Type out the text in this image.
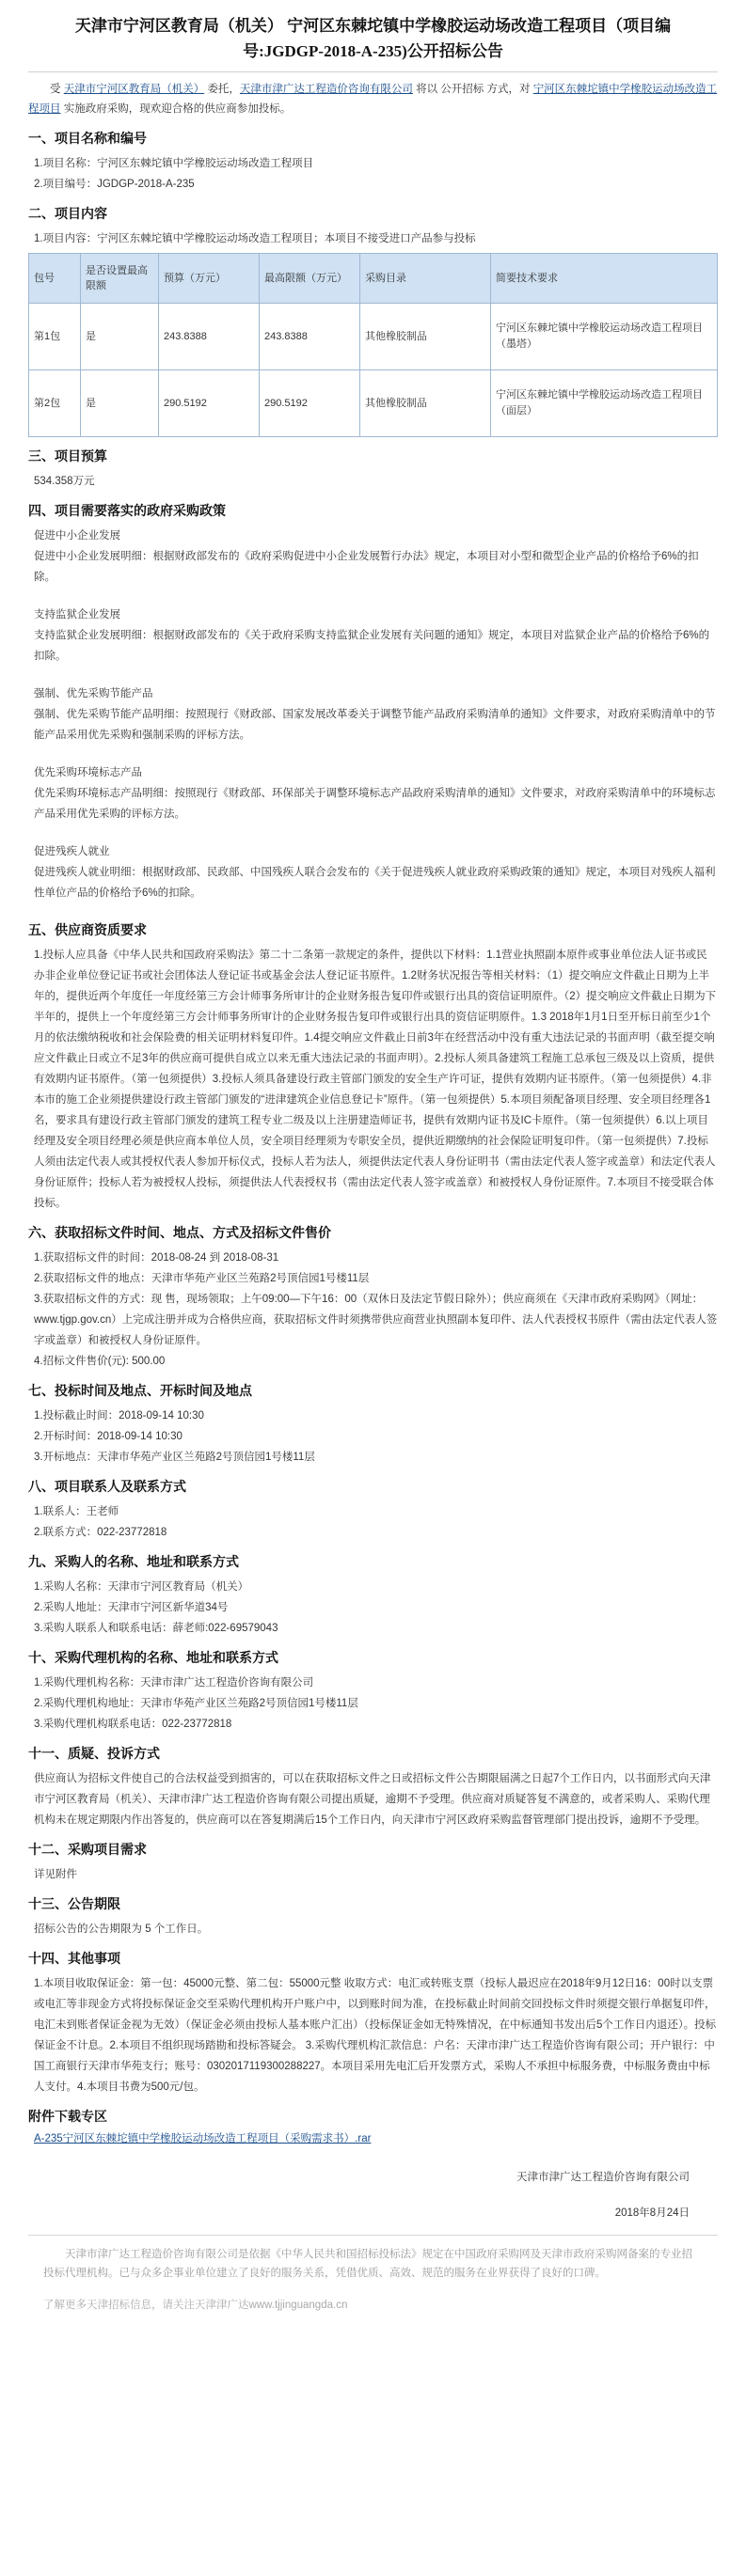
天津市宁河区教育局（机关） 宁河区东棘坨镇中学橡胶运动场改造工程项目（项目编号:JGDGP-2018-A-235)公开招标公告

受 天津市宁河区教育局（机关） 委托，天津市津广达工程造价咨询有限公司 将以 公开招标 方式，对 宁河区东棘坨镇中学橡胶运动场改造工程项目 实施政府采购，现欢迎合格的供应商参加投标。

一、项目名称和编号

1.项目名称：宁河区东棘坨镇中学橡胶运动场改造工程项目

2.项目编号：JGDGP-2018-A-235

二、项目内容

1.项目内容：宁河区东棘坨镇中学橡胶运动场改造工程项目；本项目不接受进口产品参与投标

包号	是否设置最高限额	预算（万元）	最高限额（万元）	采购目录	简要技术要求
第1包	是	243.8388	243.8388	其他橡胶制品	宁河区东棘坨镇中学橡胶运动场改造工程项目（墨塔）
第2包	是	290.5192	290.5192	其他橡胶制品	宁河区东棘坨镇中学橡胶运动场改造工程项目（面层）
三、项目预算

534.358万元

四、项目需要落实的政府采购政策

促进中小企业发展

促进中小企业发展明细：根据财政部发布的《政府采购促进中小企业发展暂行办法》规定，本项目对小型和微型企业产品的价格给予6%的扣除。

支持监狱企业发展

支持监狱企业发展明细：根据财政部发布的《关于政府采购支持监狱企业发展有关问题的通知》规定，本项目对监狱企业产品的价格给予6%的扣除。

强制、优先采购节能产品

强制、优先采购节能产品明细：按照现行《财政部、国家发展改革委关于调整节能产品政府采购清单的通知》文件要求，对政府采购清单中的节能产品采用优先采购和强制采购的评标方法。

优先采购环境标志产品

优先采购环境标志产品明细：按照现行《财政部、环保部关于调整环境标志产品政府采购清单的通知》文件要求，对政府采购清单中的环境标志产品采用优先采购的评标方法。

促进残疾人就业

促进残疾人就业明细：根据财政部、民政部、中国残疾人联合会发布的《关于促进残疾人就业政府采购政策的通知》规定，本项目对残疾人福利性单位产品的价格给予6%的扣除。

五、供应商资质要求

1.投标人应具备《中华人民共和国政府采购法》第二十二条第一款规定的条件，提供以下材料：1.1营业执照副本原件或事业单位法人证书或民办非企业单位登记证书或社会团体法人登记证书或基金会法人登记证书原件。1.2财务状况报告等相关材料：（1）提交响应文件截止日期为上半年的，提供近两个年度任一年度经第三方会计师事务所审计的企业财务报告复印件或银行出具的资信证明原件。（2）提交响应文件截止日期为下半年的，提供上一个年度经第三方会计师事务所审计的企业财务报告复印件或银行出具的资信证明原件。1.3 2018年1月1日至开标日前至少1个月的依法缴纳税收和社会保险费的相关证明材料复印件。1.4提交响应文件截止日前3年在经营活动中没有重大违法记录的书面声明（截至提交响应文件截止日或立不足3年的供应商可提供自成立以来无重大违法记录的书面声明）。2.投标人须具备建筑工程施工总承包三级及以上资质，提供有效期内证书原件。（第一包须提供）3.投标人须具备建设行政主管部门颁发的安全生产许可证，提供有效期内证书原件。（第一包须提供）4.非本市的施工企业须提供建设行政主管部门颁发的“进津建筑企业信息登记卡”原件。（第一包须提供）5.本项目须配备项目经理、安全项目经理各1名，要求具有建设行政主管部门颁发的建筑工程专业二级及以上注册建造师证书，提供有效期内证书及IC卡原件。（第一包须提供）6.以上项目经理及安全项目经理必须是供应商本单位人员，安全项目经理须为专职安全员，提供近期缴纳的社会保险证明复印件。（第一包须提供）7.投标人须由法定代表人或其授权代表人参加开标仪式，投标人若为法人，须提供法定代表人身份证明书（需由法定代表人签字或盖章）和法定代表人身份证原件；投标人若为被授权人投标，须提供法人代表授权书（需由法定代表人签字或盖章）和被授权人身份证原件。7.本项目不接受联合体投标。

六、获取招标文件时间、地点、方式及招标文件售价

1.获取招标文件的时间：2018-08-24 到 2018-08-31

2.获取招标文件的地点：天津市华苑产业区兰苑路2号顶信园1号楼11层

3.获取招标文件的方式：现 售，现场领取；上午09:00—下午16：00（双休日及法定节假日除外）；供应商须在《天津市政府采购网》（网址：www.tjgp.gov.cn）上完成注册并成为合格供应商，获取招标文件时须携带供应商营业执照副本复印件、法人代表授权书原件（需由法定代表人签字或盖章）和被授权人身份证原件。

4.招标文件售价(元): 500.00

七、投标时间及地点、开标时间及地点

1.投标截止时间：2018-09-14 10:30

2.开标时间：2018-09-14 10:30

3.开标地点：天津市华苑产业区兰苑路2号顶信园1号楼11层

八、项目联系人及联系方式

1.联系人：王老师

2.联系方式：022-23772818

九、采购人的名称、地址和联系方式

1.采购人名称：天津市宁河区教育局（机关）

2.采购人地址：天津市宁河区新华道34号

3.采购人联系人和联系电话：薛老师:022-69579043

十、采购代理机构的名称、地址和联系方式

1.采购代理机构名称：天津市津广达工程造价咨询有限公司

2.采购代理机构地址：天津市华苑产业区兰苑路2号顶信园1号楼11层

3.采购代理机构联系电话：022-23772818

十一、质疑、投诉方式

供应商认为招标文件使自己的合法权益受到损害的，可以在获取招标文件之日或招标文件公告期限届满之日起7个工作日内，以书面形式向天津市宁河区教育局（机关）、天津市津广达工程造价咨询有限公司提出质疑，逾期不予受理。供应商对质疑答复不满意的，或者采购人、采购代理机构未在规定期限内作出答复的，供应商可以在答复期满后15个工作日内，向天津市宁河区政府采购监督管理部门提出投诉，逾期不予受理。

十二、采购项目需求

详见附件

十三、公告期限

招标公告的公告期限为 5 个工作日。

十四、其他事项

1.本项目收取保证金：第一包：45000元整、第二包：55000元整 收取方式：电汇或转账支票（投标人最迟应在2018年9月12日16：00时以支票或电汇等非现金方式将投标保证金交至采购代理机构开户账户中，以到账时间为准，在投标截止时间前交回投标文件时须提交银行单据复印件，电汇未到账者保证金视为无效）（保证金必须由投标人基本账户汇出）（投标保证金如无特殊情况，在中标通知书发出后5个工作日内退还）。投标保证金不计息。2.本项目不组织现场踏勘和投标答疑会。 3.采购代理机构汇款信息：户名：天津市津广达工程造价咨询有限公司；开户银行：中国工商银行天津市华苑支行；账号：0302017119300288227。本项目采用先电汇后开发票方式，采购人不承担中标服务费，中标服务费由中标人支付。4.本项目书费为500元/包。

附件下载专区
A-235宁河区东棘坨镇中学橡胶运动场改造工程项目（采购需求书）.rar

天津市津广达工程造价咨询有限公司

2018年8月24日

天津市津广达工程造价咨询有限公司是依据《中华人民共和国招标投标法》规定在中国政府采购网及天津市政府采购网备案的专业招投标代理机构。已与众多企事业单位建立了良好的服务关系，凭借优质、高效、规范的服务在业界获得了良好的口碑。

了解更多天津招标信息，请关注天津津广达www.tjjinguangda.cn
